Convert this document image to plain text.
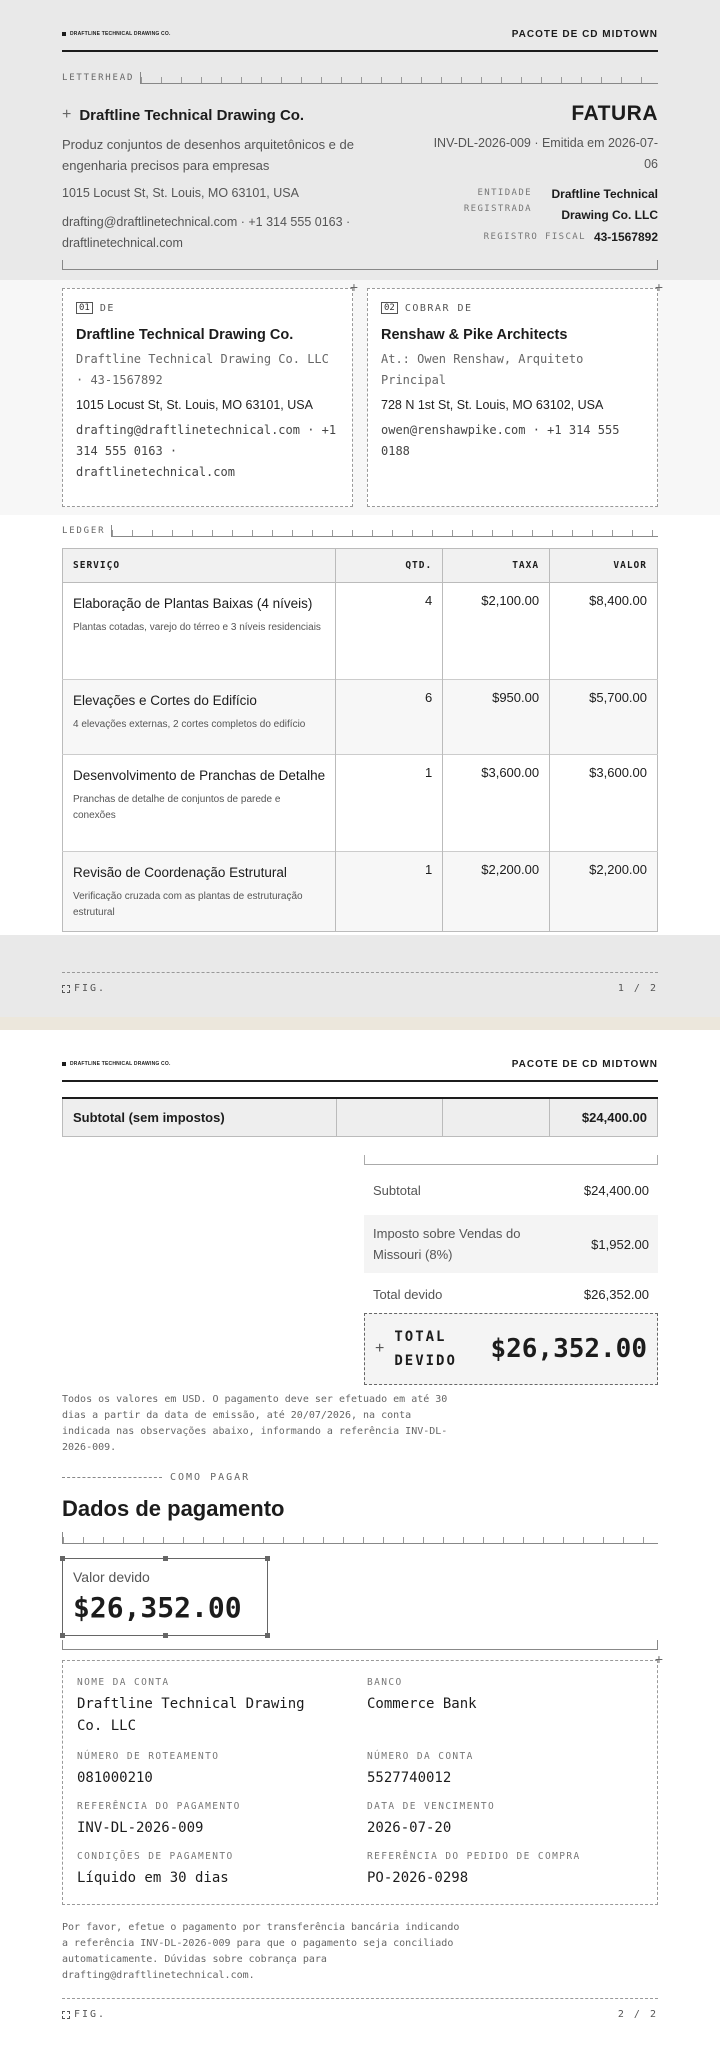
DRAFTLINE TECHNICAL DRAWING CO.	PACOTE DE CD MIDTOWN
LETTERHEAD
+ Draftline Technical Drawing Co.
Produz conjuntos de desenhos arquitetônicos e de engenharia precisos para empresas
1015 Locust St, St. Louis, MO 63101, USA
drafting@draftlinetechnical.com · +1 314 555 0163 · draftlinetechnical.com
FATURA
INV-DL-2026-009 · Emitida em 2026-07-06
ENTIDADE REGISTRADA
Draftline Technical Drawing Co. LLC
REGISTRO FISCAL 43-1567892
+
01	DE
Draftline Technical Drawing Co.
Draftline Technical Drawing Co. LLC · 43-1567892
1015 Locust St, St. Louis, MO 63101, USA
drafting@draftlinetechnical.com · +1 314 555 0163 · draftlinetechnical.com
+
02	COBRAR DE
Renshaw & Pike Architects
At.: Owen Renshaw, Arquiteto Principal
728 N 1st St, St. Louis, MO 63102, USA
owen@renshawpike.com · +1 314 555 0188
LEDGER
SERVIÇO	QTD.	TAXA	VALOR

Elaboração de Plantas Baixas (4 níveis)
Plantas cotadas, varejo do térreo e 3 níveis residenciais	4	$2,100.00	$8,400.00

Elevações e Cortes do Edifício
4 elevações externas, 2 cortes completos do edifício	6	$950.00	$5,700.00

Desenvolvimento de Pranchas de Detalhe
Pranchas de detalhe de conjuntos de parede e conexões	1	$3,600.00	$3,600.00

Revisão de Coordenação Estrutural
Verificação cruzada com as plantas de estruturação estrutural	1	$2,200.00	$2,200.00
FIG.	1 / 2
DRAFTLINE TECHNICAL DRAWING CO.	PACOTE DE CD MIDTOWN
Subtotal (sem impostos)			$24,400.00
Subtotal	$24,400.00
Imposto sobre Vendas do Missouri (8%)
$1,952.00
Total devido	$26,352.00
+
TOTAL DEVIDO	$26,352.00
Todos os valores em USD. O pagamento deve ser efetuado em até 30 dias a partir da data de emissão, até 20/07/2026, na conta indicada nas observações abaixo, informando a referência INV-DL-2026-009.
COMO PAGAR
Dados de pagamento
Valor devido
$26,352.00
+
NOME DA CONTA
Draftline Technical Drawing Co. LLC
BANCO
Commerce Bank
NÚMERO DE ROTEAMENTO
081000210
NÚMERO DA CONTA
5527740012
REFERÊNCIA DO PAGAMENTO
INV-DL-2026-009
DATA DE VENCIMENTO
2026-07-20
CONDIÇÕES DE PAGAMENTO
Líquido em 30 dias
REFERÊNCIA DO PEDIDO DE COMPRA
PO-2026-0298
Por favor, efetue o pagamento por transferência bancária indicando a referência INV-DL-2026-009 para que o pagamento seja conciliado automaticamente. Dúvidas sobre cobrança para drafting@draftlinetechnical.com.
FIG.	2 / 2
